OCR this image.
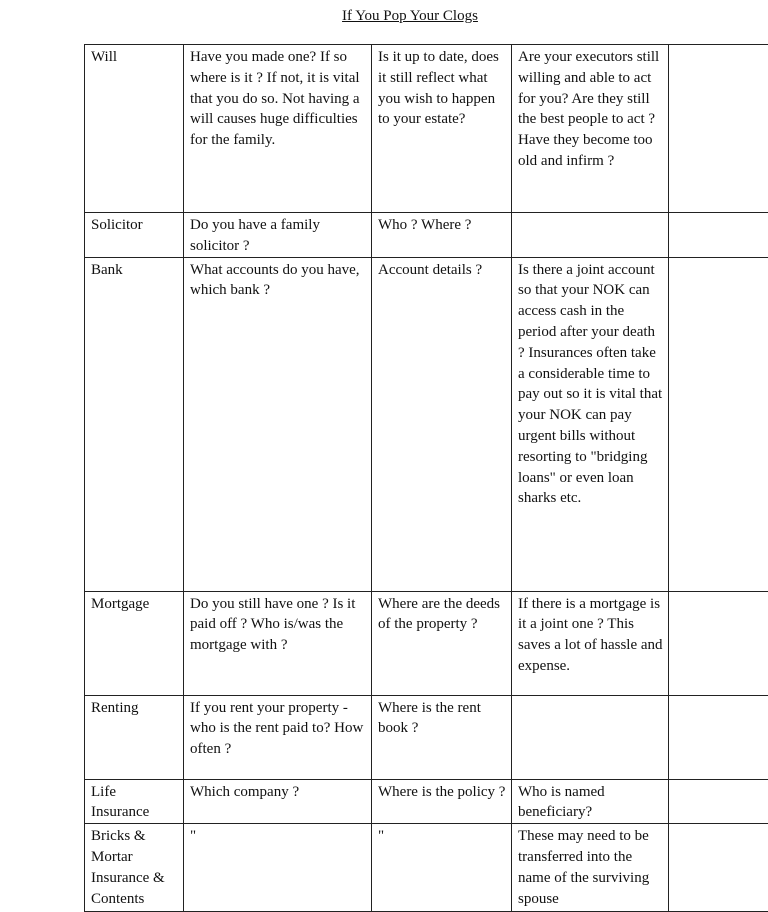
If You Pop Your Clogs
Will	Have you made one? If so where is it ? If not, it is vital that you do so. Not having a will causes huge difficulties for the family.	Is it up to date, does it still reflect what you wish to happen to your estate?	Are your executors still willing and able to act for you? Are they still the best people to act ? Have they become too old and infirm ?	
Solicitor	Do you have a family solicitor ?	Who ? Where ?		
Bank	What accounts do you have, which bank ?	Account details ?	Is there a joint account so that your NOK can access cash in the period after your death ? Insurances often take a considerable time to pay out so it is vital that your NOK can pay urgent bills without resorting to "bridging loans" or even loan sharks etc.	
Mortgage	Do you still have one ? Is it paid off ? Who is/was the mortgage with ?	Where are the deeds of the property ?	If there is a mortgage is it a joint one ? This saves a lot of hassle and expense.	
Renting	If you rent your property - who is the rent paid to? How often ?	Where is the rent book ?		
Life Insurance	Which company ?	Where is the policy ?	Who is named beneficiary?	
Bricks & Mortar Insurance & Contents	"	"	These may need to be transferred into the name of the surviving spouse	
